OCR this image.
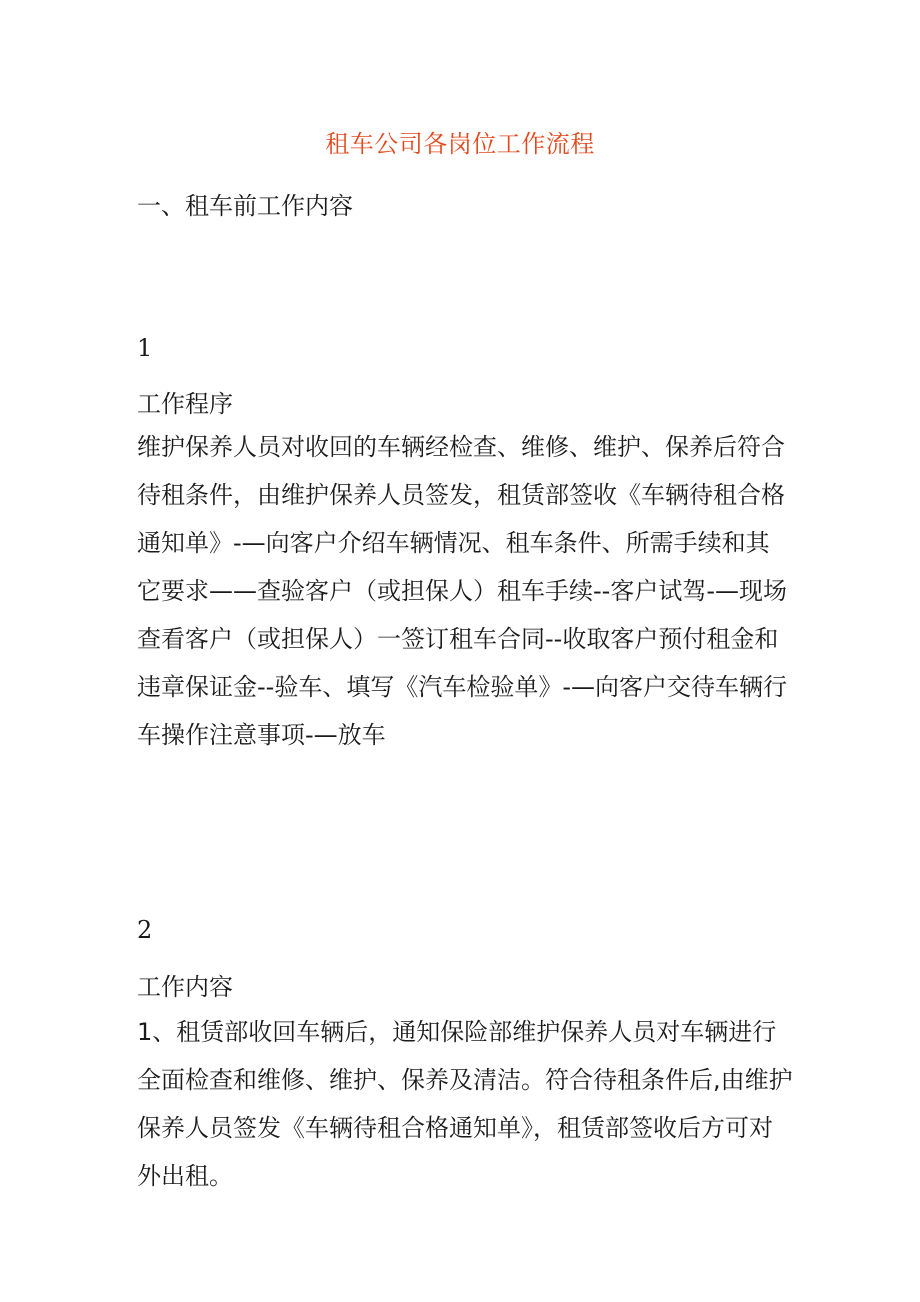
租车公司各岗位工作流程
一、租车前工作内容
1
工作程序

维护保养人员对收回的车辆经检查、维修、维护、保养后符合待租条件，由维护保养人员签发，租赁部签收《车辆待租合格通知单》-—向客户介绍车辆情况、租车条件、所需手续和其它要求——查验客户（或担保人）租车手续--客户试驾-—现场查看客户（或担保人）一签订租车合同--收取客户预付租金和违章保证金--验车、填写《汽车检验单》-—向客户交待车辆行车操作注意事项-—放车

2
工作内容

1、租赁部收回车辆后，通知保险部维护保养人员对车辆进行全面检查和维修、维护、保养及清洁。符合待租条件后,由维护保养人员签发《车辆待租合格通知单》，租赁部签收后方可对外出租。
